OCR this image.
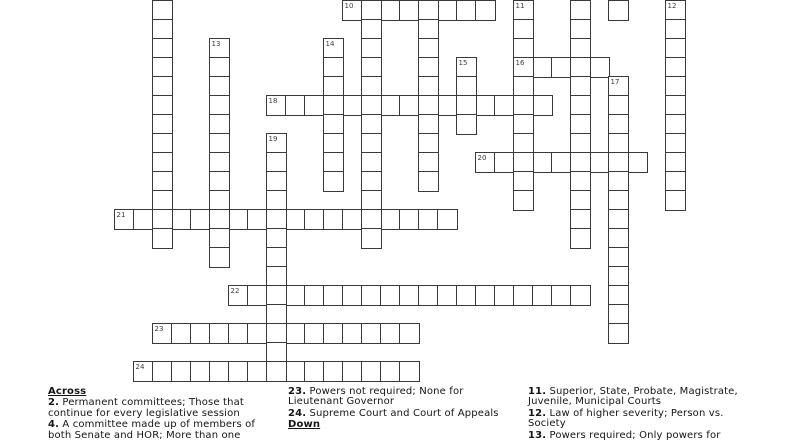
10
16
18
20
21
22
23
24
11	12
13	14
15
17
19
Across
2. Permanent committees; Those that
continue for every legislative session
4. A committee made up of members of
both Senate and HOR; More than one
23. Powers not required; None for
Lieutenant Governor
24. Supreme Court and Court of Appeals
Down
11. Superior, State, Probate, Magistrate,
Juvenile, Municipal Courts
12. Law of higher severity; Person vs.
Society
13. Powers required; Only powers for
